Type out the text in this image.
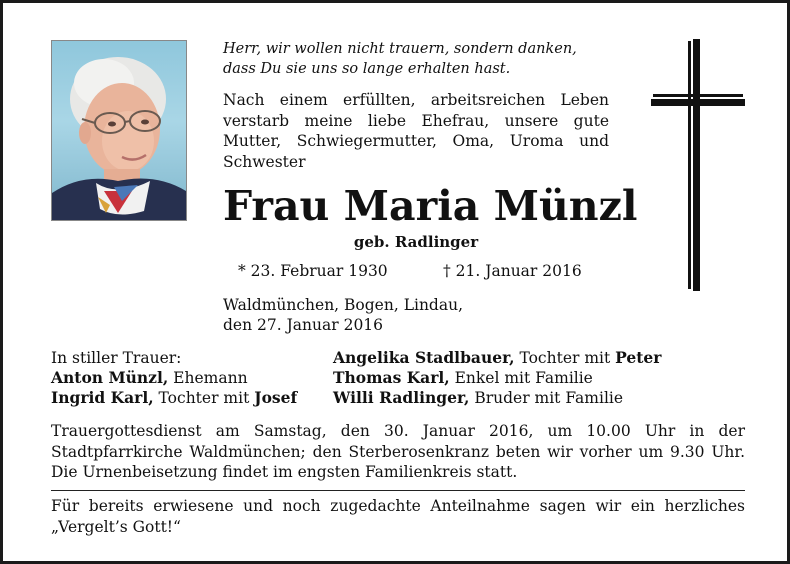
Herr, wir wollen nicht trauern, sondern danken,
dass Du sie uns so lange erhalten hast.
Nach einem erfüllten, arbeitsreichen Leben verstarb meine liebe Ehefrau, unsere gute Mutter, Schwiegermutter, Oma, Uroma und Schwester
Frau Maria Münzl
geb. Radlinger
* 23. Februar 1930	† 21. Januar 2016
Waldmünchen, Bogen, Lindau,
den 27. Januar 2016
In stiller Trauer:
Anton Münzl, Ehemann
Ingrid Karl, Tochter mit Josef
Angelika Stadlbauer, Tochter mit Peter
Thomas Karl, Enkel mit Familie
Willi Radlinger, Bruder mit Familie
Trauergottesdienst am Samstag, den 30. Januar 2016, um 10.00 Uhr in der Stadtpfarrkirche Waldmünchen; den Sterberosenkranz beten wir vorher um 9.30 Uhr. Die Urnenbeisetzung findet im engsten Familienkreis statt.
Für bereits erwiesene und noch zugedachte Anteilnahme sagen wir ein herzliches „Vergelt’s Gott!“
